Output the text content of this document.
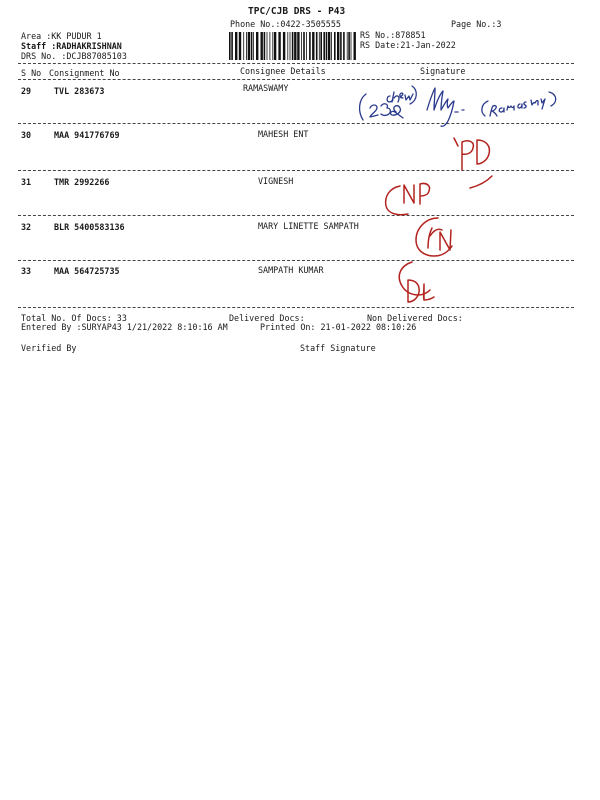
TPC/CJB DRS - P43
Phone No.:0422-3505555	Page No.:3
Area :KK PUDUR 1
Staff :RADHAKRISHNAN
DRS No. :DCJB87085103
RS No.:878851
RS Date:21-Jan-2022
S No Consignment No	Consignee Details	Signature
29	TVL 283673	RAMASWAMY
30	MAA 941776769	MAHESH ENT
31	TMR 2992266	VIGNESH
32	BLR 5400583136	MARY LINETTE SAMPATH
33	MAA 564725735	SAMPATH KUMAR
Total No. Of Docs: 33	Delivered Docs:	Non Delivered Docs:
Entered By :SURYAP43 1/21/2022 8:10:16 AM	Printed On: 21-01-2022 08:10:26
Verified By	Staff Signature
